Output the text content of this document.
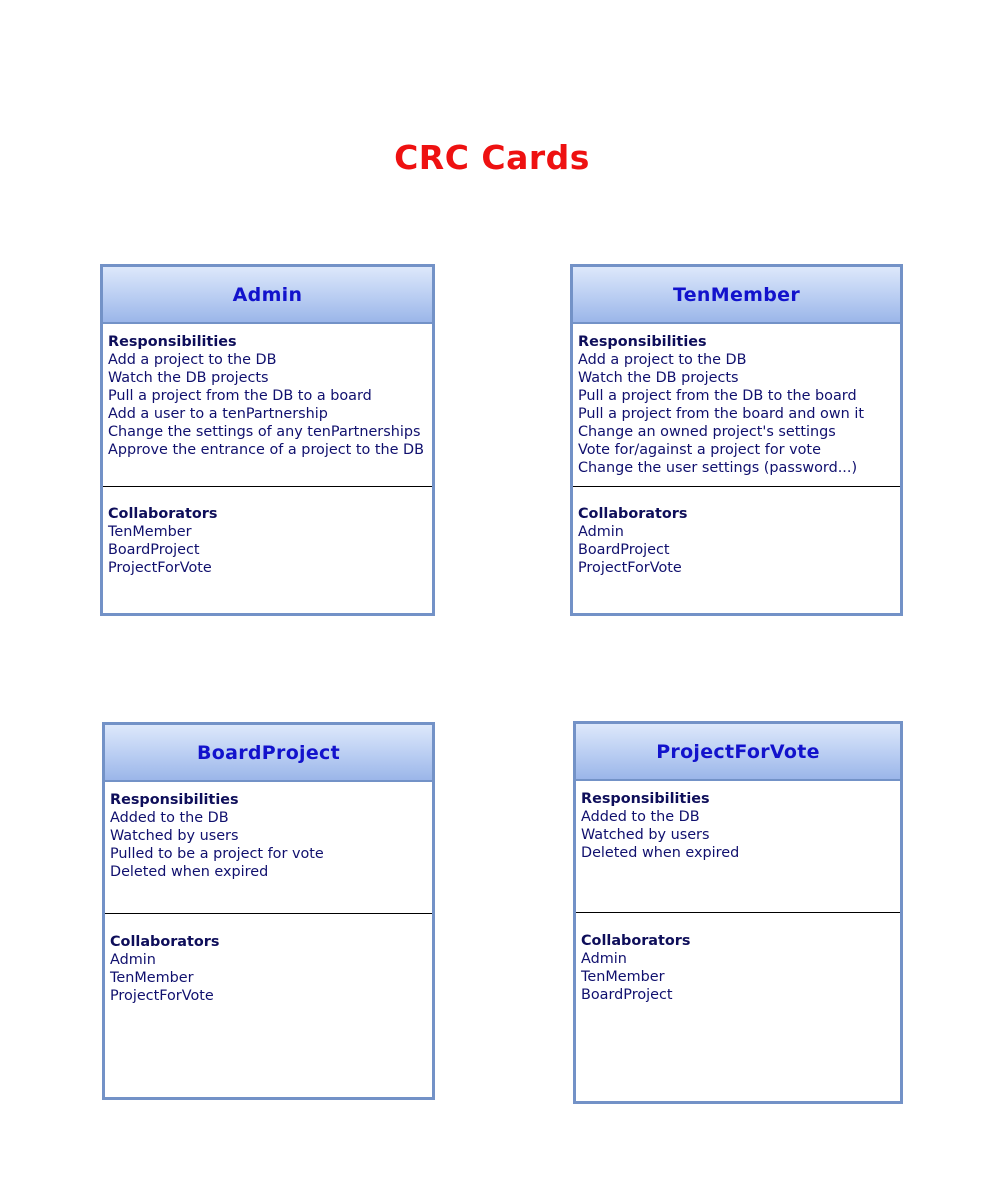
CRC Cards
Admin
Responsibilities
Add a project to the DB
Watch the DB projects
Pull a project from the DB to a board
Add a user to a tenPartnership
Change the settings of any tenPartnerships
Approve the entrance of a project to the DB
Collaborators
TenMember
BoardProject
ProjectForVote
TenMember
Responsibilities
Add a project to the DB
Watch the DB projects
Pull a project from the DB to the board
Pull a project from the board and own it
Change an owned project's settings
Vote for/against a project for vote
Change the user settings (password...)
Collaborators
Admin
BoardProject
ProjectForVote
BoardProject
Responsibilities
Added to the DB
Watched by users
Pulled to be a project for vote
Deleted when expired
Collaborators
Admin
TenMember
ProjectForVote
ProjectForVote
Responsibilities
Added to the DB
Watched by users
Deleted when expired
Collaborators
Admin
TenMember
BoardProject
